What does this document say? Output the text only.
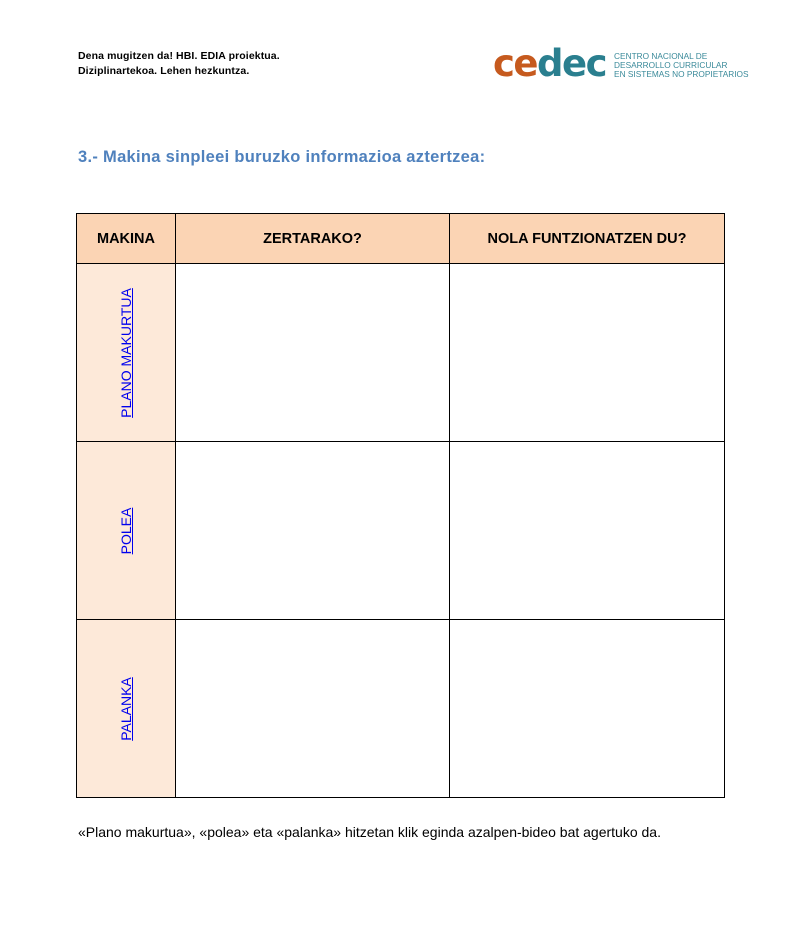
Dena mugitzen da! HBI. EDIA proiektua.
Diziplinartekoa. Lehen hezkuntza.	cedec CENTRO NACIONAL DE
DESARROLLO CURRICULAR
EN SISTEMAS NO PROPIETARIOS
3.- Makina sinpleei buruzko informazioa aztertzea:
MAKINA	ZERTARAKO?	NOLA FUNTZIONATZEN DU?

PLANO MAKURTUA		

POLEA		

PALANKA		

«Plano makurtua», «polea» eta «palanka» hitzetan klik eginda azalpen-bideo bat agertuko da.
